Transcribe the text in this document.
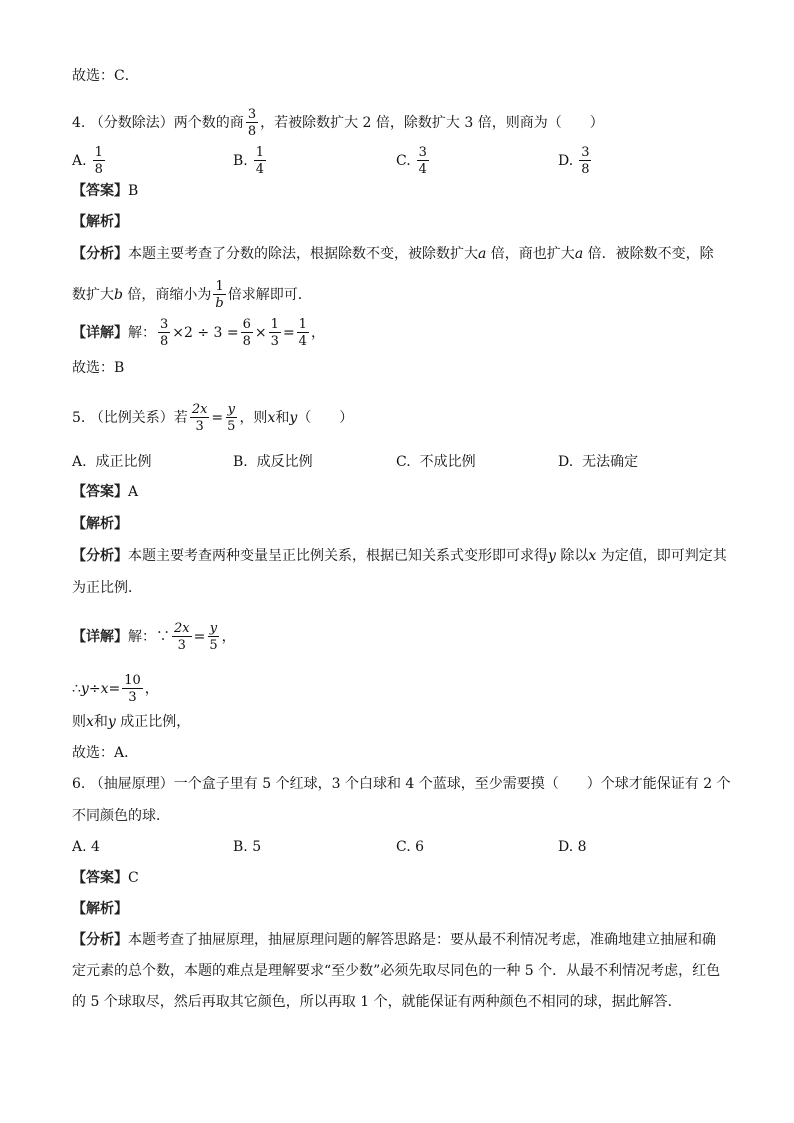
故选：C．
4. （分数除法）两个数的商 $\frac{3}{8}$ ，若被除数扩大 2 倍，除数扩大 3 倍，则商为（　　）
A. $\frac{1}{8}$	B. $\frac{1}{4}$	C. $\frac{3}{4}$	D. $\frac{3}{8}$
【答案】B
【解析】
【分析】本题主要考查了分数的除法，根据除数不变，被除数扩大a 倍，商也扩大a 倍．被除数不变，除
数扩大b 倍，商缩小为 $\frac{1}{b}$ 倍求解即可．
【详解】解： $\frac{3}{8} \times 2 \div 3 = \frac{6}{8} \times \frac{1}{3} = \frac{1}{4}$ ，
故选：B
5. （比例关系）若 $\frac{2x}{3} = \frac{y}{5}$ ，则x和y（　　）
A. 成正比例	B. 成反比例	C. 不成比例	D. 无法确定
【答案】A
【解析】
【分析】本题主要考查两种变量呈正比例关系，根据已知关系式变形即可求得y 除以x 为定值，即可判定其
为正比例．
【详解】解：∵ $\frac{2x}{3} = \frac{y}{5}$ ，
∴y÷x= $\frac{10}{3}$ ，
则x和y 成正比例，
故选：A．
6. （抽屉原理）一个盒子里有 5 个红球，3 个白球和 4 个蓝球，至少需要摸（　　）个球才能保证有 2 个
不同颜色的球．
A. 4	B. 5	C. 6	D. 8
【答案】C
【解析】
【分析】本题考查了抽屉原理，抽屉原理问题的解答思路是：要从最不利情况考虑，准确地建立抽屉和确定元素的总个数，本题的难点是理解要求“至少数”必须先取尽同色的一种 5 个．从最不利情况考虑，红色的 5 个球取尽，然后再取其它颜色，所以再取 1 个，就能保证有两种颜色不相同的球，据此解答．
